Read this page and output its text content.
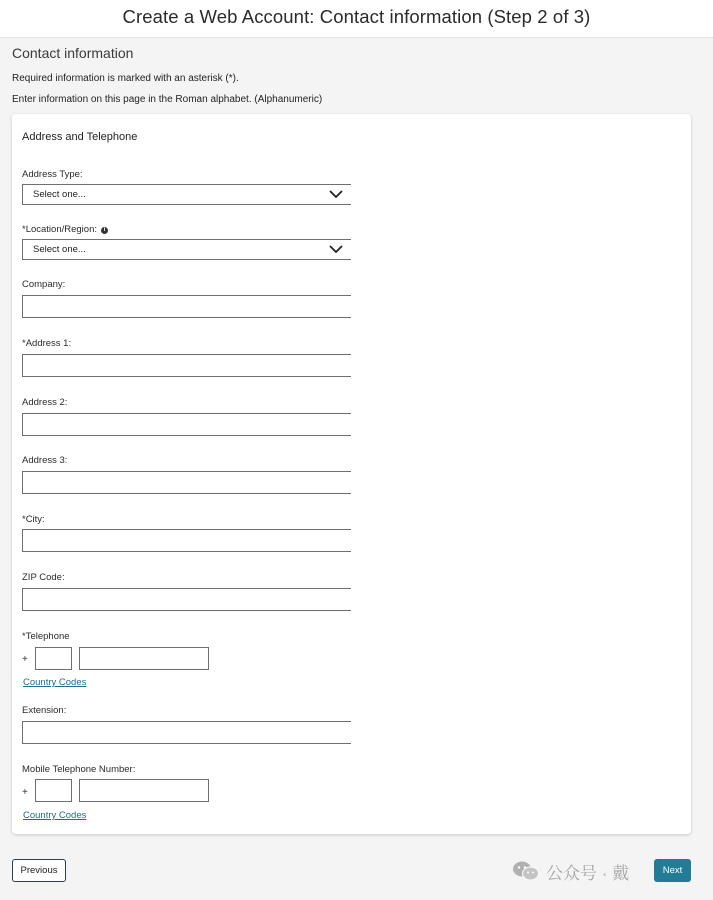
Create a Web Account: Contact information (Step 2 of 3)
Contact information
Required information is marked with an asterisk (*).
Enter information on this page in the Roman alphabet. (Alphanumeric)
Address and Telephone
Address Type:
Select one...
*Location/Region: i
Select one...
Company:
*Address 1:
Address 2:
Address 3:
*City:
ZIP Code:
*Telephone
+
Country Codes
Extension:
Mobile Telephone Number:
+
Country Codes
Previous	公众号 · 戴	Next
